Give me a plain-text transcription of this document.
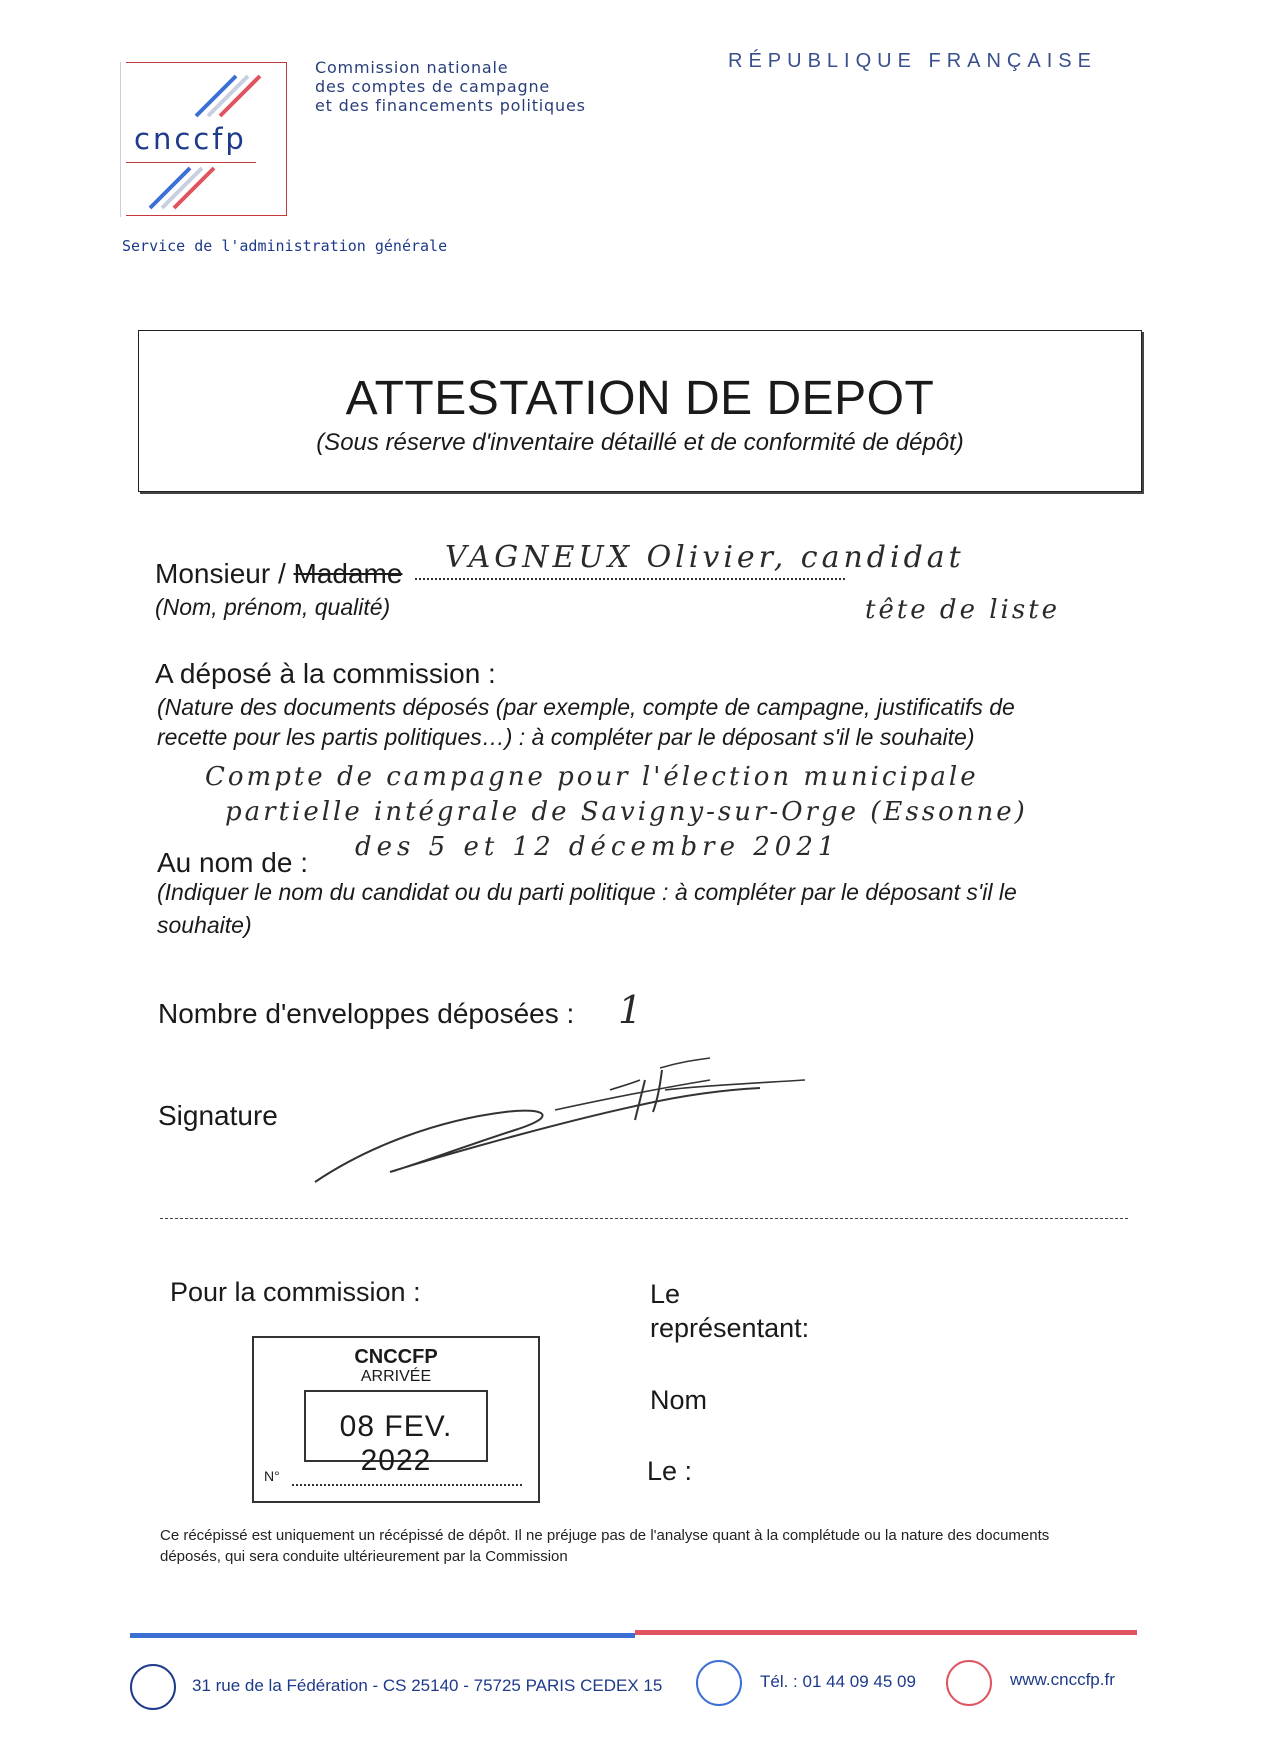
cnccfp
Commission nationale
des comptes de campagne
et des financements politiques
RÉPUBLIQUE FRANÇAISE
Service de l'administration générale
ATTESTATION DE DEPOT
(Sous réserve d'inventaire détaillé et de conformité de dépôt)
Monsieur / Madame VAGNEUX Olivier, candidat
(Nom, prénom, qualité)	tête de liste
A déposé à la commission :
(Nature des documents déposés (par exemple, compte de campagne, justificatifs de
recette pour les partis politiques…) : à compléter par le déposant s'il le souhaite)
Compte de campagne pour l'élection municipale
partielle intégrale de Savigny-sur-Orge (Essonne)
des 5 et 12 décembre 2021
Au nom de :
(Indiquer le nom du candidat ou du parti politique : à compléter par le déposant s'il le
souhaite)
Nombre d'enveloppes déposées : 1
Signature
Pour la commission :
CNCCFP
ARRIVÉE
08 FEV. 2022
N°
Le
représentant:
Nom
Le :
Ce récépissé est uniquement un récépissé de dépôt. Il ne préjuge pas de l'analyse quant à la complétude ou la nature des documents
déposés, qui sera conduite ultérieurement par la Commission
31 rue de la Fédération - CS 25140 - 75725 PARIS CEDEX 15	Tél. : 01 44 09 45 09	www.cnccfp.fr
